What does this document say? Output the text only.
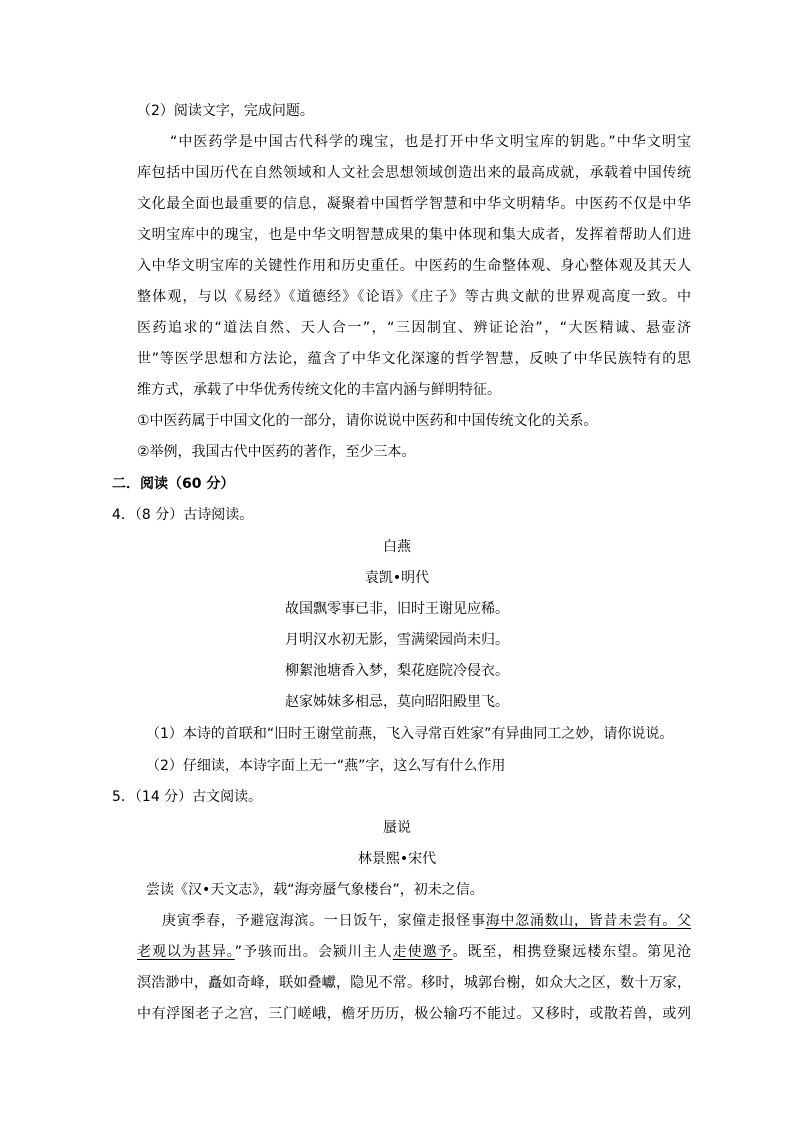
（2）阅读文字，完成问题。
“中医药学是中国古代科学的瑰宝，也是打开中华文明宝库的钥匙。”中华文明宝
库包括中国历代在自然领域和人文社会思想领域创造出来的最高成就，承载着中国传统
文化最全面也最重要的信息，凝聚着中国哲学智慧和中华文明精华。中医药不仅是中华
文明宝库中的瑰宝，也是中华文明智慧成果的集中体现和集大成者，发挥着帮助人们进
入中华文明宝库的关键性作用和历史重任。中医药的生命整体观、身心整体观及其天人
整体观，与以《易经》《道德经》《论语》《庄子》等古典文献的世界观高度一致。中
医药追求的“道法自然、天人合一”，“三因制宜、辨证论治”，“大医精诚、悬壶济
世”等医学思想和方法论，蕴含了中华文化深邃的哲学智慧，反映了中华民族特有的思
维方式，承载了中华优秀传统文化的丰富内涵与鲜明特征。
①中医药属于中国文化的一部分，请你说说中医药和中国传统文化的关系。
②举例，我国古代中医药的著作，至少三本。
二．阅读（60 分）
4．（8 分）古诗阅读。
白燕
袁凯•明代
故国飘零事已非，旧时王谢见应稀。
月明汉水初无影，雪满梁园尚未归。
柳絮池塘香入梦，梨花庭院冷侵衣。
赵家姊妹多相忌，莫向昭阳殿里飞。
（1）本诗的首联和“旧时王谢堂前燕，飞入寻常百姓家”有异曲同工之妙，请你说说。
（2）仔细读，本诗字面上无一“燕”字，这么写有什么作用
5．（14 分）古文阅读。
蜃说
林景熙•宋代
尝读《汉•天文志》，载“海旁蜃气象楼台”，初未之信。
庚寅季春，予避寇海滨。一日饭午，家僮走报怪事海中忽涌数山，皆昔未尝有。父
老观以为甚异。”予骇而出。会颍川主人走使邀予。既至，相携登聚远楼东望。第见沧
溟浩渺中，矗如奇峰，联如叠巘，隐见不常。移时，城郭台榭，如众大之区，数十万家，
中有浮图老子之宫，三门嵯峨，檐牙历历，极公输巧不能过。又移时，或散若兽，或列
